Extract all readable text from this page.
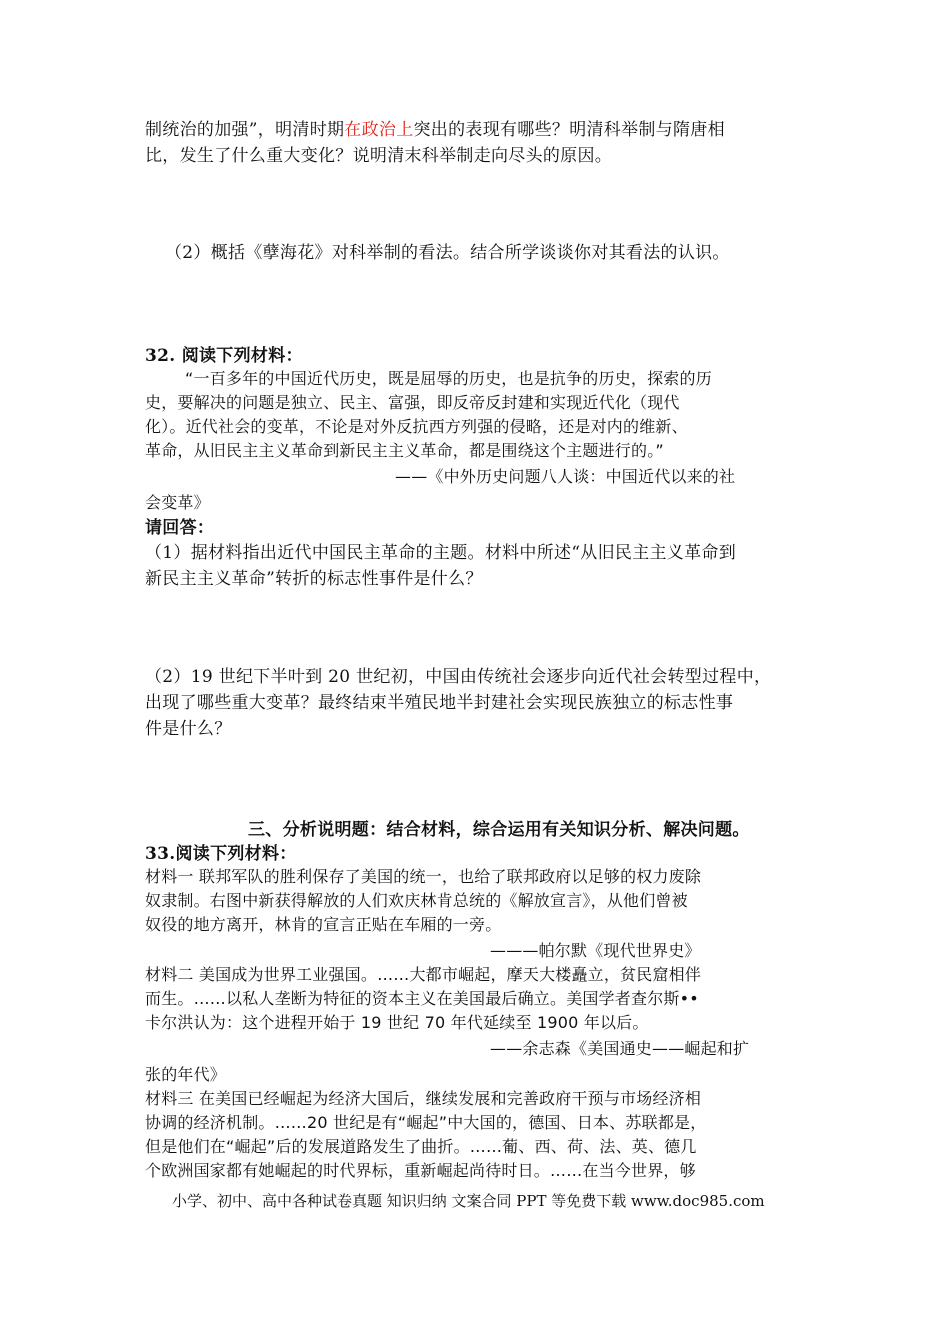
制统治的加强”，明清时期在政治上突出的表现有哪些？明清科举制与隋唐相
比，发生了什么重大变化？说明清末科举制走向尽头的原因。
（2）概括《孽海花》对科举制的看法。结合所学谈谈你对其看法的认识。
32. 阅读下列材料：
“一百多年的中国近代历史，既是屈辱的历史，也是抗争的历史，探索的历
史，要解决的问题是独立、民主、富强，即反帝反封建和实现近代化（现代
化）。近代社会的变革，不论是对外反抗西方列强的侵略，还是对内的维新、
革命，从旧民主主义革命到新民主主义革命，都是围绕这个主题进行的。”
——《中外历史问题八人谈：中国近代以来的社
会变革》
请回答：
（1）据材料指出近代中国民主革命的主题。材料中所述“从旧民主主义革命到
新民主主义革命”转折的标志性事件是什么？
（2）19 世纪下半叶到 20 世纪初，中国由传统社会逐步向近代社会转型过程中，
出现了哪些重大变革？最终结束半殖民地半封建社会实现民族独立的标志性事
件是什么？
三、分析说明题：结合材料，综合运用有关知识分析、解决问题。
33.阅读下列材料：
材料一 联邦军队的胜利保存了美国的统一，也给了联邦政府以足够的权力废除
奴隶制。右图中新获得解放的人们欢庆林肯总统的《解放宣言》，从他们曾被
奴役的地方离开，林肯的宣言正贴在车厢的一旁。
———帕尔默《现代世界史》
材料二 美国成为世界工业强国。……大都市崛起，摩天大楼矗立，贫民窟相伴
而生。……以私人垄断为特征的资本主义在美国最后确立。美国学者查尔斯••
卡尔洪认为：这个进程开始于 19 世纪 70 年代延续至 1900 年以后。
——余志森《美国通史——崛起和扩
张的年代》
材料三 在美国已经崛起为经济大国后，继续发展和完善政府干预与市场经济相
协调的经济机制。……20 世纪是有“崛起”中大国的，德国、日本、苏联都是，
但是他们在“崛起”后的发展道路发生了曲折。……葡、西、荷、法、英、德几
个欧洲国家都有她崛起的时代界标，重新崛起尚待时日。……在当今世界，够
小学、初中、高中各种试卷真题 知识归纳 文案合同 PPT 等免费下载 www.doc985.com
